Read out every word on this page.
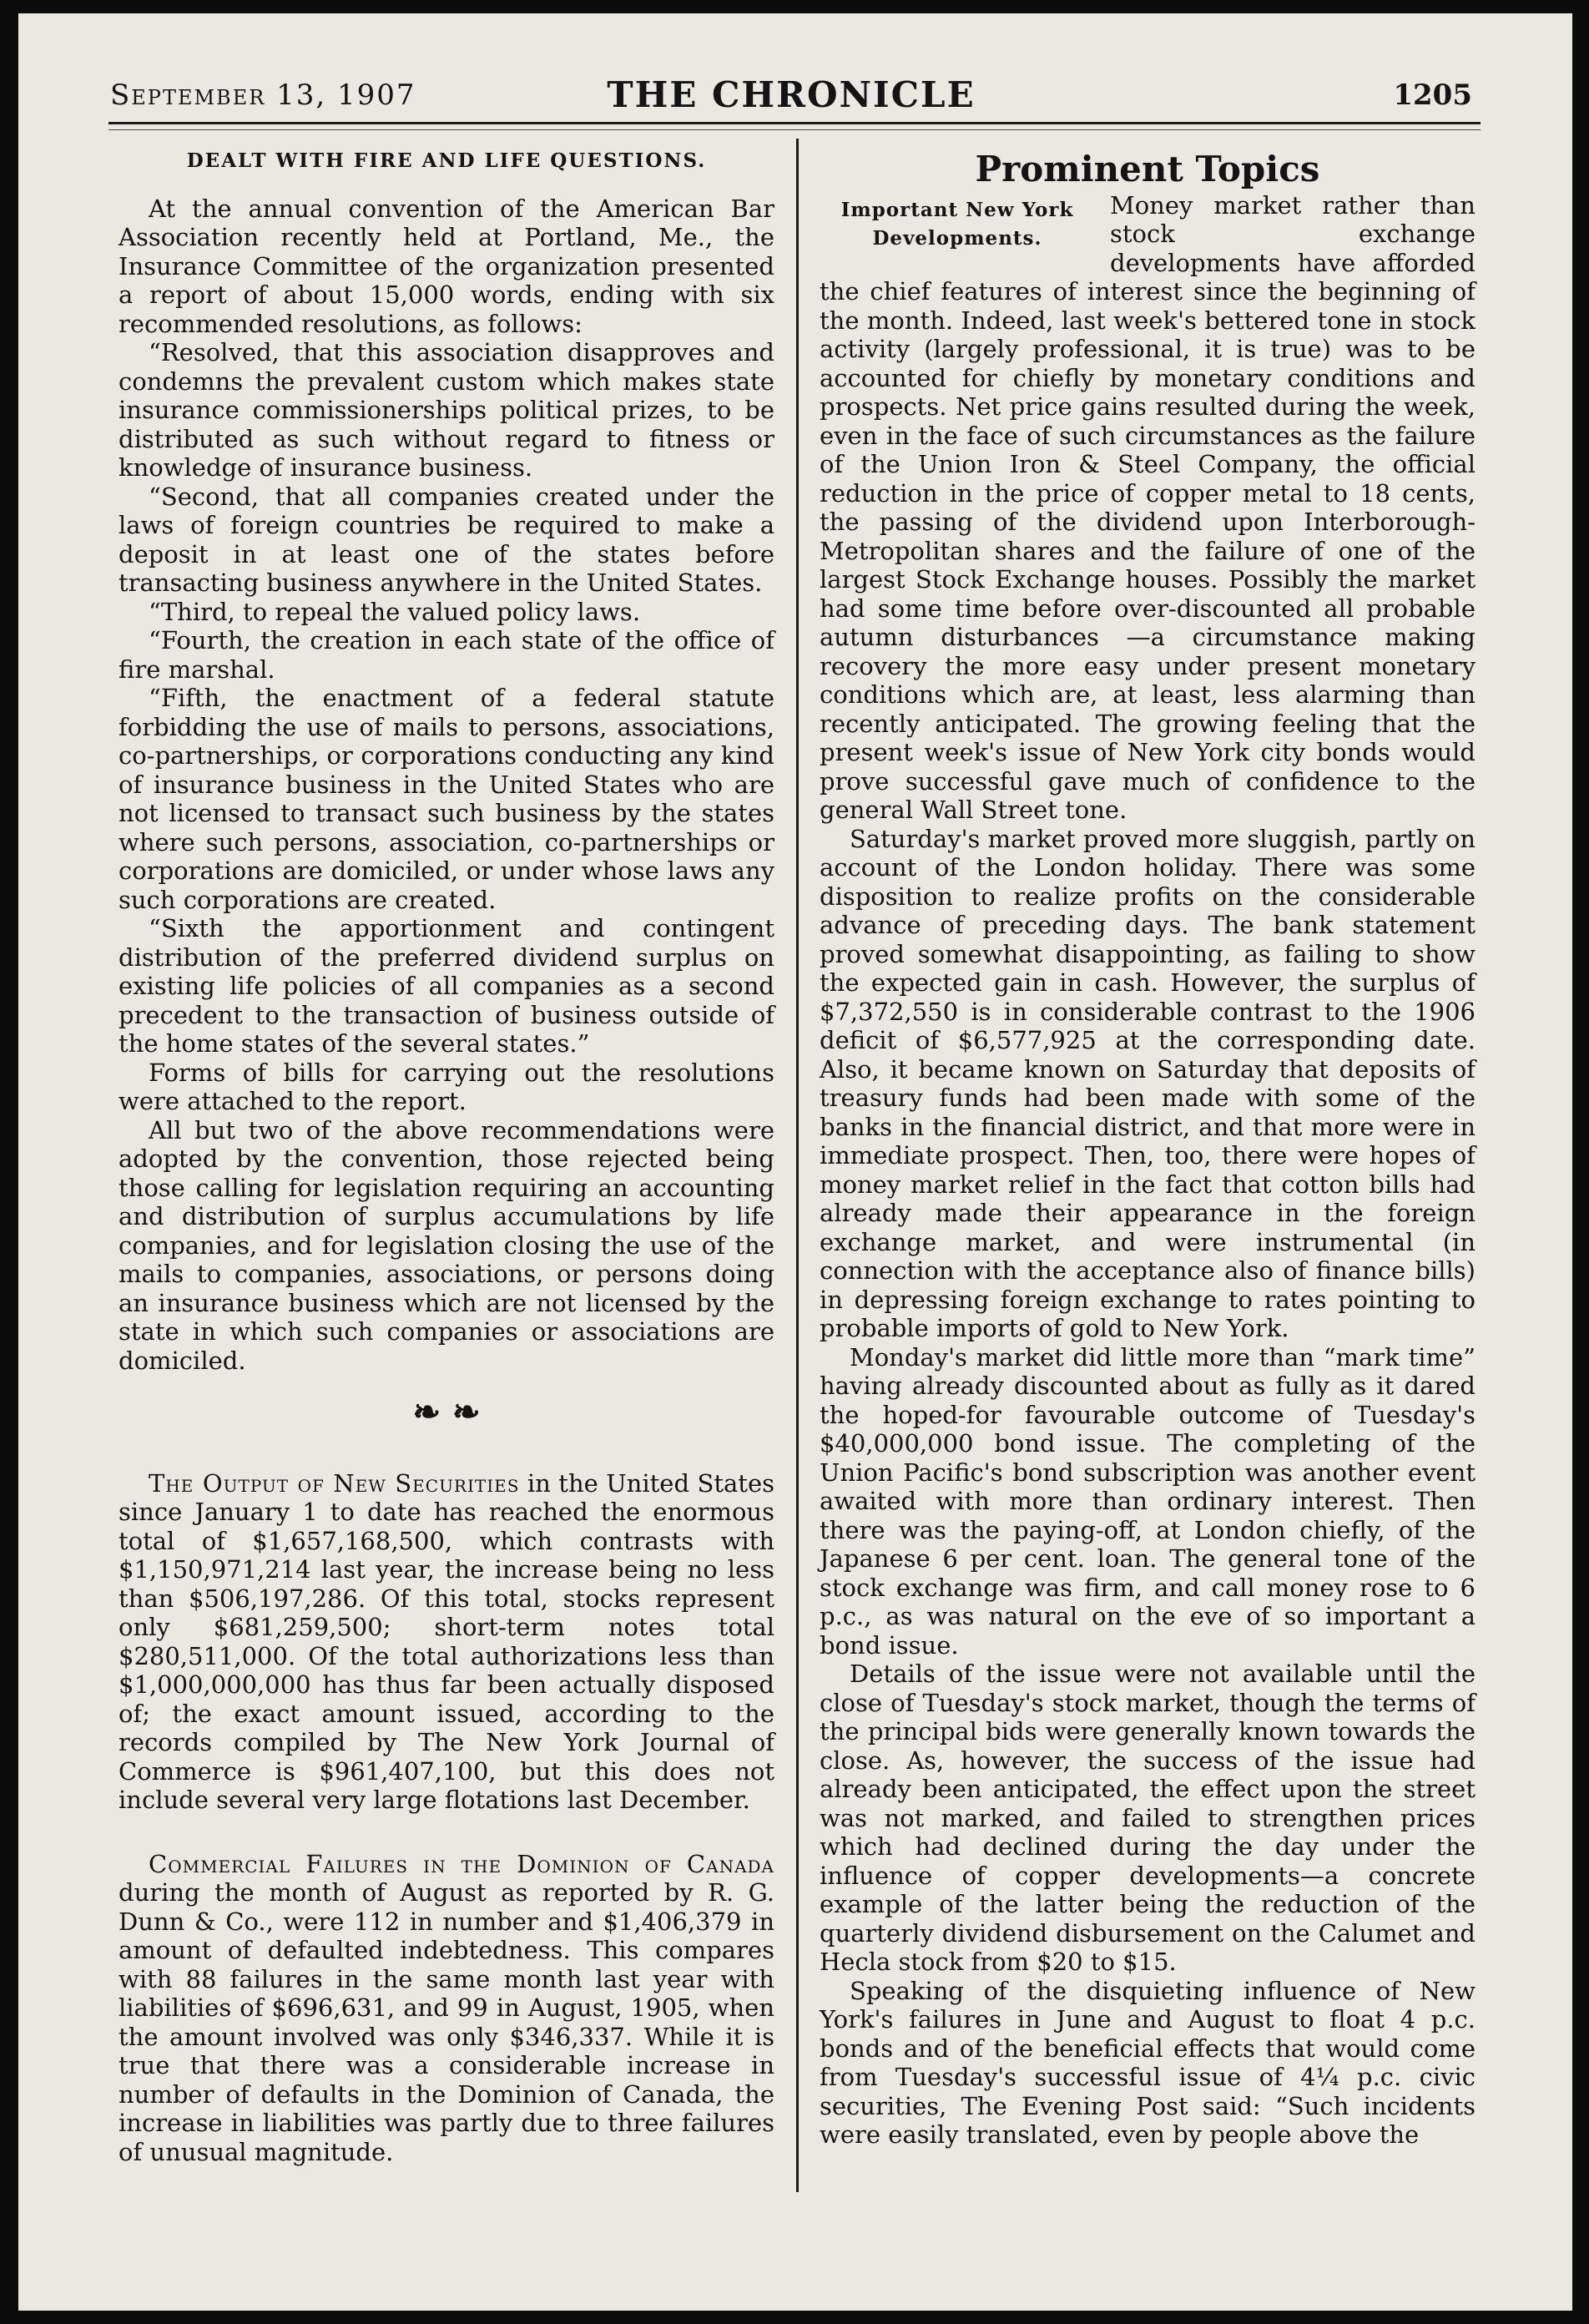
September 13, 1907	THE CHRONICLE	1205
DEALT WITH FIRE AND LIFE QUESTIONS.

At the annual convention of the American Bar Association recently held at Portland, Me., the Insurance Committee of the organization presented a report of about 15,000 words, ending with six recommended resolutions, as follows:

“Resolved, that this association disapproves and condemns the prevalent custom which makes state insurance commissionerships political prizes, to be distributed as such without regard to fitness or knowledge of insurance business.

“Second, that all companies created under the laws of foreign countries be required to make a deposit in at least one of the states before transacting business anywhere in the United States.

“Third, to repeal the valued policy laws.

“Fourth, the creation in each state of the office of fire marshal.

“Fifth, the enactment of a federal statute forbidding the use of mails to persons, associations, co-partnerships, or corporations conducting any kind of insurance business in the United States who are not licensed to transact such business by the states where such persons, association, co-partnerships or corporations are domiciled, or under whose laws any such corporations are created.

“Sixth the apportionment and contingent distribution of the preferred dividend surplus on existing life policies of all companies as a second precedent to the transaction of business outside of the home states of the several states.”

Forms of bills for carrying out the resolutions were attached to the report.

All but two of the above recommendations were adopted by the convention, those rejected being those calling for legislation requiring an accounting and distribution of surplus accumulations by life companies, and for legislation closing the use of the mails to companies, associations, or persons doing an insurance business which are not licensed by the state in which such companies or associations are domiciled.

❧ ❧

The Output of New Securities in the United States since January 1 to date has reached the enormous total of $1,657,168,500, which contrasts with $1,150,971,214 last year, the increase being no less than $506,197,286. Of this total, stocks represent only $681,259,500; short-term notes total $280,511,000. Of the total authorizations less than $1,000,000,000 has thus far been actually disposed of; the exact amount issued, according to the records compiled by The New York Journal of Commerce is $961,407,100, but this does not include several very large flotations last December.

Commercial Failures in the Dominion of Canada during the month of August as reported by R. G. Dunn & Co., were 112 in number and $1,406,379 in amount of defaulted indebtedness. This compares with 88 failures in the same month last year with liabilities of $696,631, and 99 in August, 1905, when the amount involved was only $346,337. While it is true that there was a considerable increase in number of defaults in the Dominion of Canada, the increase in liabilities was partly due to three failures of unusual magnitude.

Prominent Topics
Important New York
Developments.

Money market rather than stock exchange developments have afforded the chief features of interest since the beginning of the month. Indeed, last week's bettered tone in stock activity (largely professional, it is true) was to be accounted for chiefly by monetary conditions and prospects. Net price gains resulted during the week, even in the face of such circumstances as the failure of the Union Iron & Steel Company, the official reduction in the price of copper metal to 18 cents, the passing of the dividend upon Interborough-Metropolitan shares and the failure of one of the largest Stock Exchange houses. Possibly the market had some time before over-discounted all probable autumn disturbances —a circumstance making recovery the more easy under present monetary conditions which are, at least, less alarming than recently anticipated. The growing feeling that the present week's issue of New York city bonds would prove successful gave much of confidence to the general Wall Street tone.

Saturday's market proved more sluggish, partly on account of the London holiday. There was some disposition to realize profits on the considerable advance of preceding days. The bank statement proved somewhat disappointing, as failing to show the expected gain in cash. However, the surplus of $7,372,550 is in considerable contrast to the 1906 deficit of $6,577,925 at the corresponding date. Also, it became known on Saturday that deposits of treasury funds had been made with some of the banks in the financial district, and that more were in immediate prospect. Then, too, there were hopes of money market relief in the fact that cotton bills had already made their appearance in the foreign exchange market, and were instrumental (in connection with the acceptance also of finance bills) in depressing foreign exchange to rates pointing to probable imports of gold to New York.

Monday's market did little more than “mark time” having already discounted about as fully as it dared the hoped-for favourable outcome of Tuesday's $40,000,000 bond issue. The completing of the Union Pacific's bond subscription was another event awaited with more than ordinary interest. Then there was the paying-off, at London chiefly, of the Japanese 6 per cent. loan. The general tone of the stock exchange was firm, and call money rose to 6 p.c., as was natural on the eve of so important a bond issue.

Details of the issue were not available until the close of Tuesday's stock market, though the terms of the principal bids were generally known towards the close. As, however, the success of the issue had already been anticipated, the effect upon the street was not marked, and failed to strengthen prices which had declined during the day under the influence of copper developments—a concrete example of the latter being the reduction of the quarterly dividend disbursement on the Calumet and Hecla stock from $20 to $15.

Speaking of the disquieting influence of New York's failures in June and August to float 4 p.c. bonds and of the beneficial effects that would come from Tuesday's successful issue of 4¼ p.c. civic securities, The Evening Post said: “Such incidents were easily translated, even by people above the
